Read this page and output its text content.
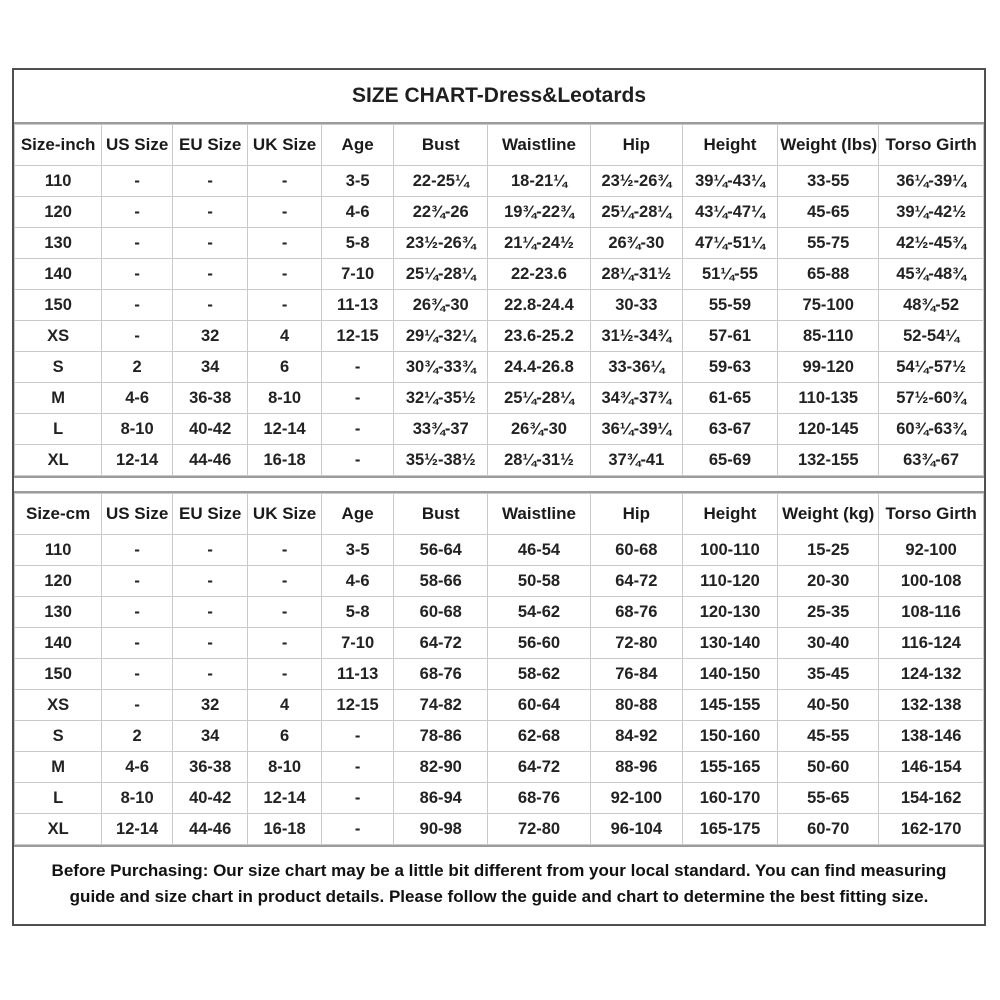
SIZE CHART-Dress&Leotards
Size-inch	US Size	EU Size	UK Size	Age	Bust	Waistline	Hip	Height	Weight (lbs)	Torso Girth
110	-	-	-	3-5	22-25¼	18-21¼	23½-26¾	39¼-43¼	33-55	36¼-39¼
120	-	-	-	4-6	22¾-26	19¾-22¾	25¼-28¼	43¼-47¼	45-65	39¼-42½
130	-	-	-	5-8	23½-26¾	21¼-24½	26¾-30	47¼-51¼	55-75	42½-45¾
140	-	-	-	7-10	25¼-28¼	22-23.6	28¼-31½	51¼-55	65-88	45¾-48¾
150	-	-	-	11-13	26¾-30	22.8-24.4	30-33	55-59	75-100	48¾-52
XS	-	32	4	12-15	29¼-32¼	23.6-25.2	31½-34¾	57-61	85-110	52-54¼
S	2	34	6	-	30¾-33¾	24.4-26.8	33-36¼	59-63	99-120	54¼-57½
M	4-6	36-38	8-10	-	32¼-35½	25¼-28¼	34¾-37¾	61-65	110-135	57½-60¾
L	8-10	40-42	12-14	-	33¾-37	26¾-30	36¼-39¼	63-67	120-145	60¾-63¾
XL	12-14	44-46	16-18	-	35½-38½	28¼-31½	37¾-41	65-69	132-155	63¾-67
Size-cm	US Size	EU Size	UK Size	Age	Bust	Waistline	Hip	Height	Weight (kg)	Torso Girth
110	-	-	-	3-5	56-64	46-54	60-68	100-110	15-25	92-100
120	-	-	-	4-6	58-66	50-58	64-72	110-120	20-30	100-108
130	-	-	-	5-8	60-68	54-62	68-76	120-130	25-35	108-116
140	-	-	-	7-10	64-72	56-60	72-80	130-140	30-40	116-124
150	-	-	-	11-13	68-76	58-62	76-84	140-150	35-45	124-132
XS	-	32	4	12-15	74-82	60-64	80-88	145-155	40-50	132-138
S	2	34	6	-	78-86	62-68	84-92	150-160	45-55	138-146
M	4-6	36-38	8-10	-	82-90	64-72	88-96	155-165	50-60	146-154
L	8-10	40-42	12-14	-	86-94	68-76	92-100	160-170	55-65	154-162
XL	12-14	44-46	16-18	-	90-98	72-80	96-104	165-175	60-70	162-170
Before Purchasing: Our size chart may be a little bit different from your local standard. You can find measuring guide and size chart in product details. Please follow the guide and chart to determine the best fitting size.
